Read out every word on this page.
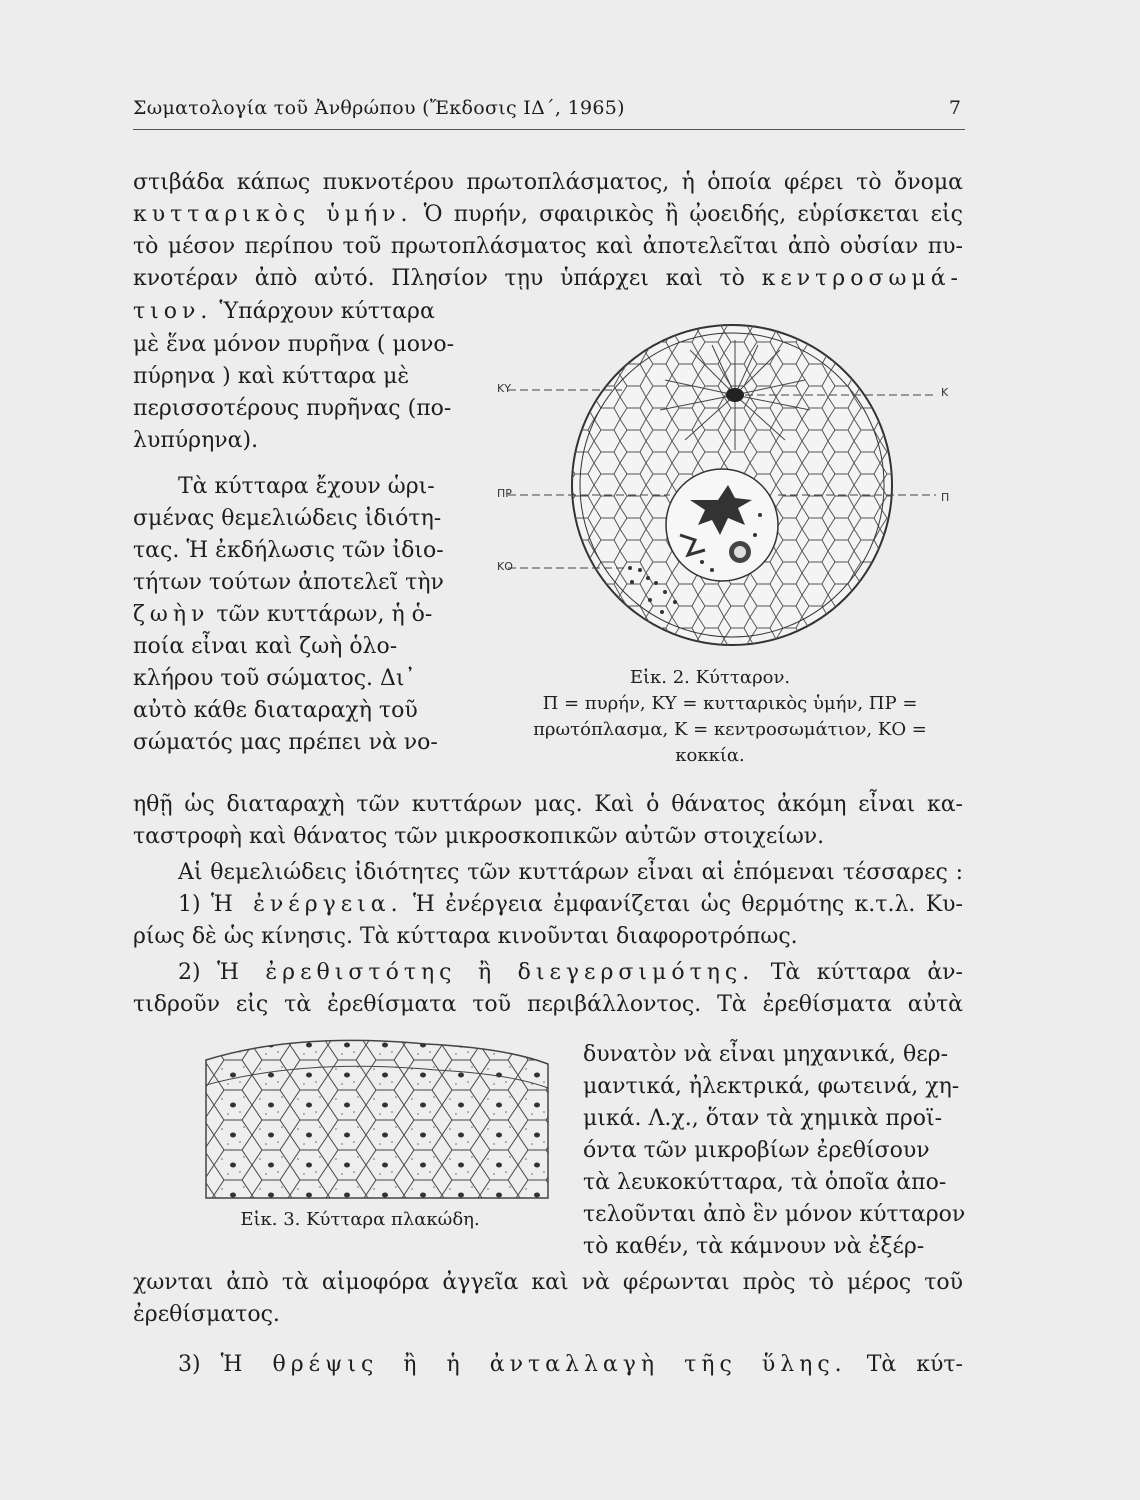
Σωματολογία τοῦ Ἀνθρώπου (Ἔκδοσις ΙΔ΄, 1965)	7
στιβάδα κάπως πυκνοτέρου πρωτοπλάσματος, ἡ ὁποία φέρει τὸ ὄνομα
κυτταρικὸς ὑμήν. Ὁ πυρήν, σφαιρικὸς ἢ ᾠοειδής, εὑρίσκεται εἰς
τὸ μέσον περίπου τοῦ πρωτοπλάσματος καὶ ἀποτελεῖται ἀπὸ οὐσίαν πυ-
κνοτέραν ἀπὸ αὐτό. Πλησίον τῃυ ὑπάρχει καὶ τὸ κεντροσωμά-
τιον. Ὑπάρχουν κύτταρα
μὲ ἕνα μόνον πυρῆνα ( μονο-
πύρηνα ) καὶ κύτταρα μὲ
περισσοτέρους πυρῆνας (πο-
λυπύρηνα).
Τὰ κύτταρα ἔχουν ὡρι-
σμένας θεμελιώδεις ἰδιότη-
τας. Ἡ ἐκδήλωσις τῶν ἰδιο-
τήτων τούτων ἀποτελεῖ τὴν
ζωὴν τῶν κυττάρων, ἡ ὁ-
ποία εἶναι καὶ ζωὴ ὁλο-
κλήρου τοῦ σώματος. Δι᾽
αὐτὸ κάθε διαταραχὴ τοῦ
σώματός μας πρέπει νὰ νο-
ΚΥ	Κ
ΠΡ	Π
ΚΟ
Εἰκ. 2. Κύτταρον.
Π = πυρήν, ΚΥ = κυτταρικὸς ὑμήν, ΠΡ =
πρωτόπλασμα, Κ = κεντροσωμάτιον, ΚΟ =
κοκκία.
ηθῇ ὡς διαταραχὴ τῶν κυττάρων μας. Καὶ ὁ θάνατος ἀκόμη εἶναι κα-
ταστροφὴ καὶ θάνατος τῶν μικροσκοπικῶν αὐτῶν στοιχείων.
Αἱ θεμελιώδεις ἰδιότητες τῶν κυττάρων εἶναι αἱ ἑπόμεναι τέσσαρες :
1) Ἡ ἐνέργεια. Ἡ ἐνέργεια ἐμφανίζεται ὡς θερμότης κ.τ.λ. Κυ-
ρίως δὲ ὡς κίνησις. Τὰ κύτταρα κινοῦνται διαφοροτρόπως.
2) Ἡ ἐρεθιστότης ἢ διεγερσιμότης. Τὰ κύτταρα ἀν-
τιδροῦν εἰς τὰ ἐρεθίσματα τοῦ περιβάλλοντος. Τὰ ἐρεθίσματα αὐτὰ
Εἰκ. 3. Κύτταρα πλακώδη.
δυνατὸν νὰ εἶναι μηχανικά, θερ-
μαντικά, ἠλεκτρικά, φωτεινά, χη-
μικά. Λ.χ., ὅταν τὰ χημικὰ προϊ-
όντα τῶν μικροβίων ἐρεθίσουν
τὰ λευκοκύτταρα, τὰ ὁποῖα ἀπο-
τελοῦνται ἀπὸ ἓν μόνον κύτταρον
τὸ καθέν, τὰ κάμνουν νὰ ἐξέρ-
χωνται ἀπὸ τὰ αἱμοφόρα ἀγγεῖα καὶ νὰ φέρωνται πρὸς τὸ μέρος τοῦ
ἐρεθίσματος.
3) Ἡ θρέψις ἢ ἡ ἀνταλλαγὴ τῆς ὕλης. Τὰ κύτ-
